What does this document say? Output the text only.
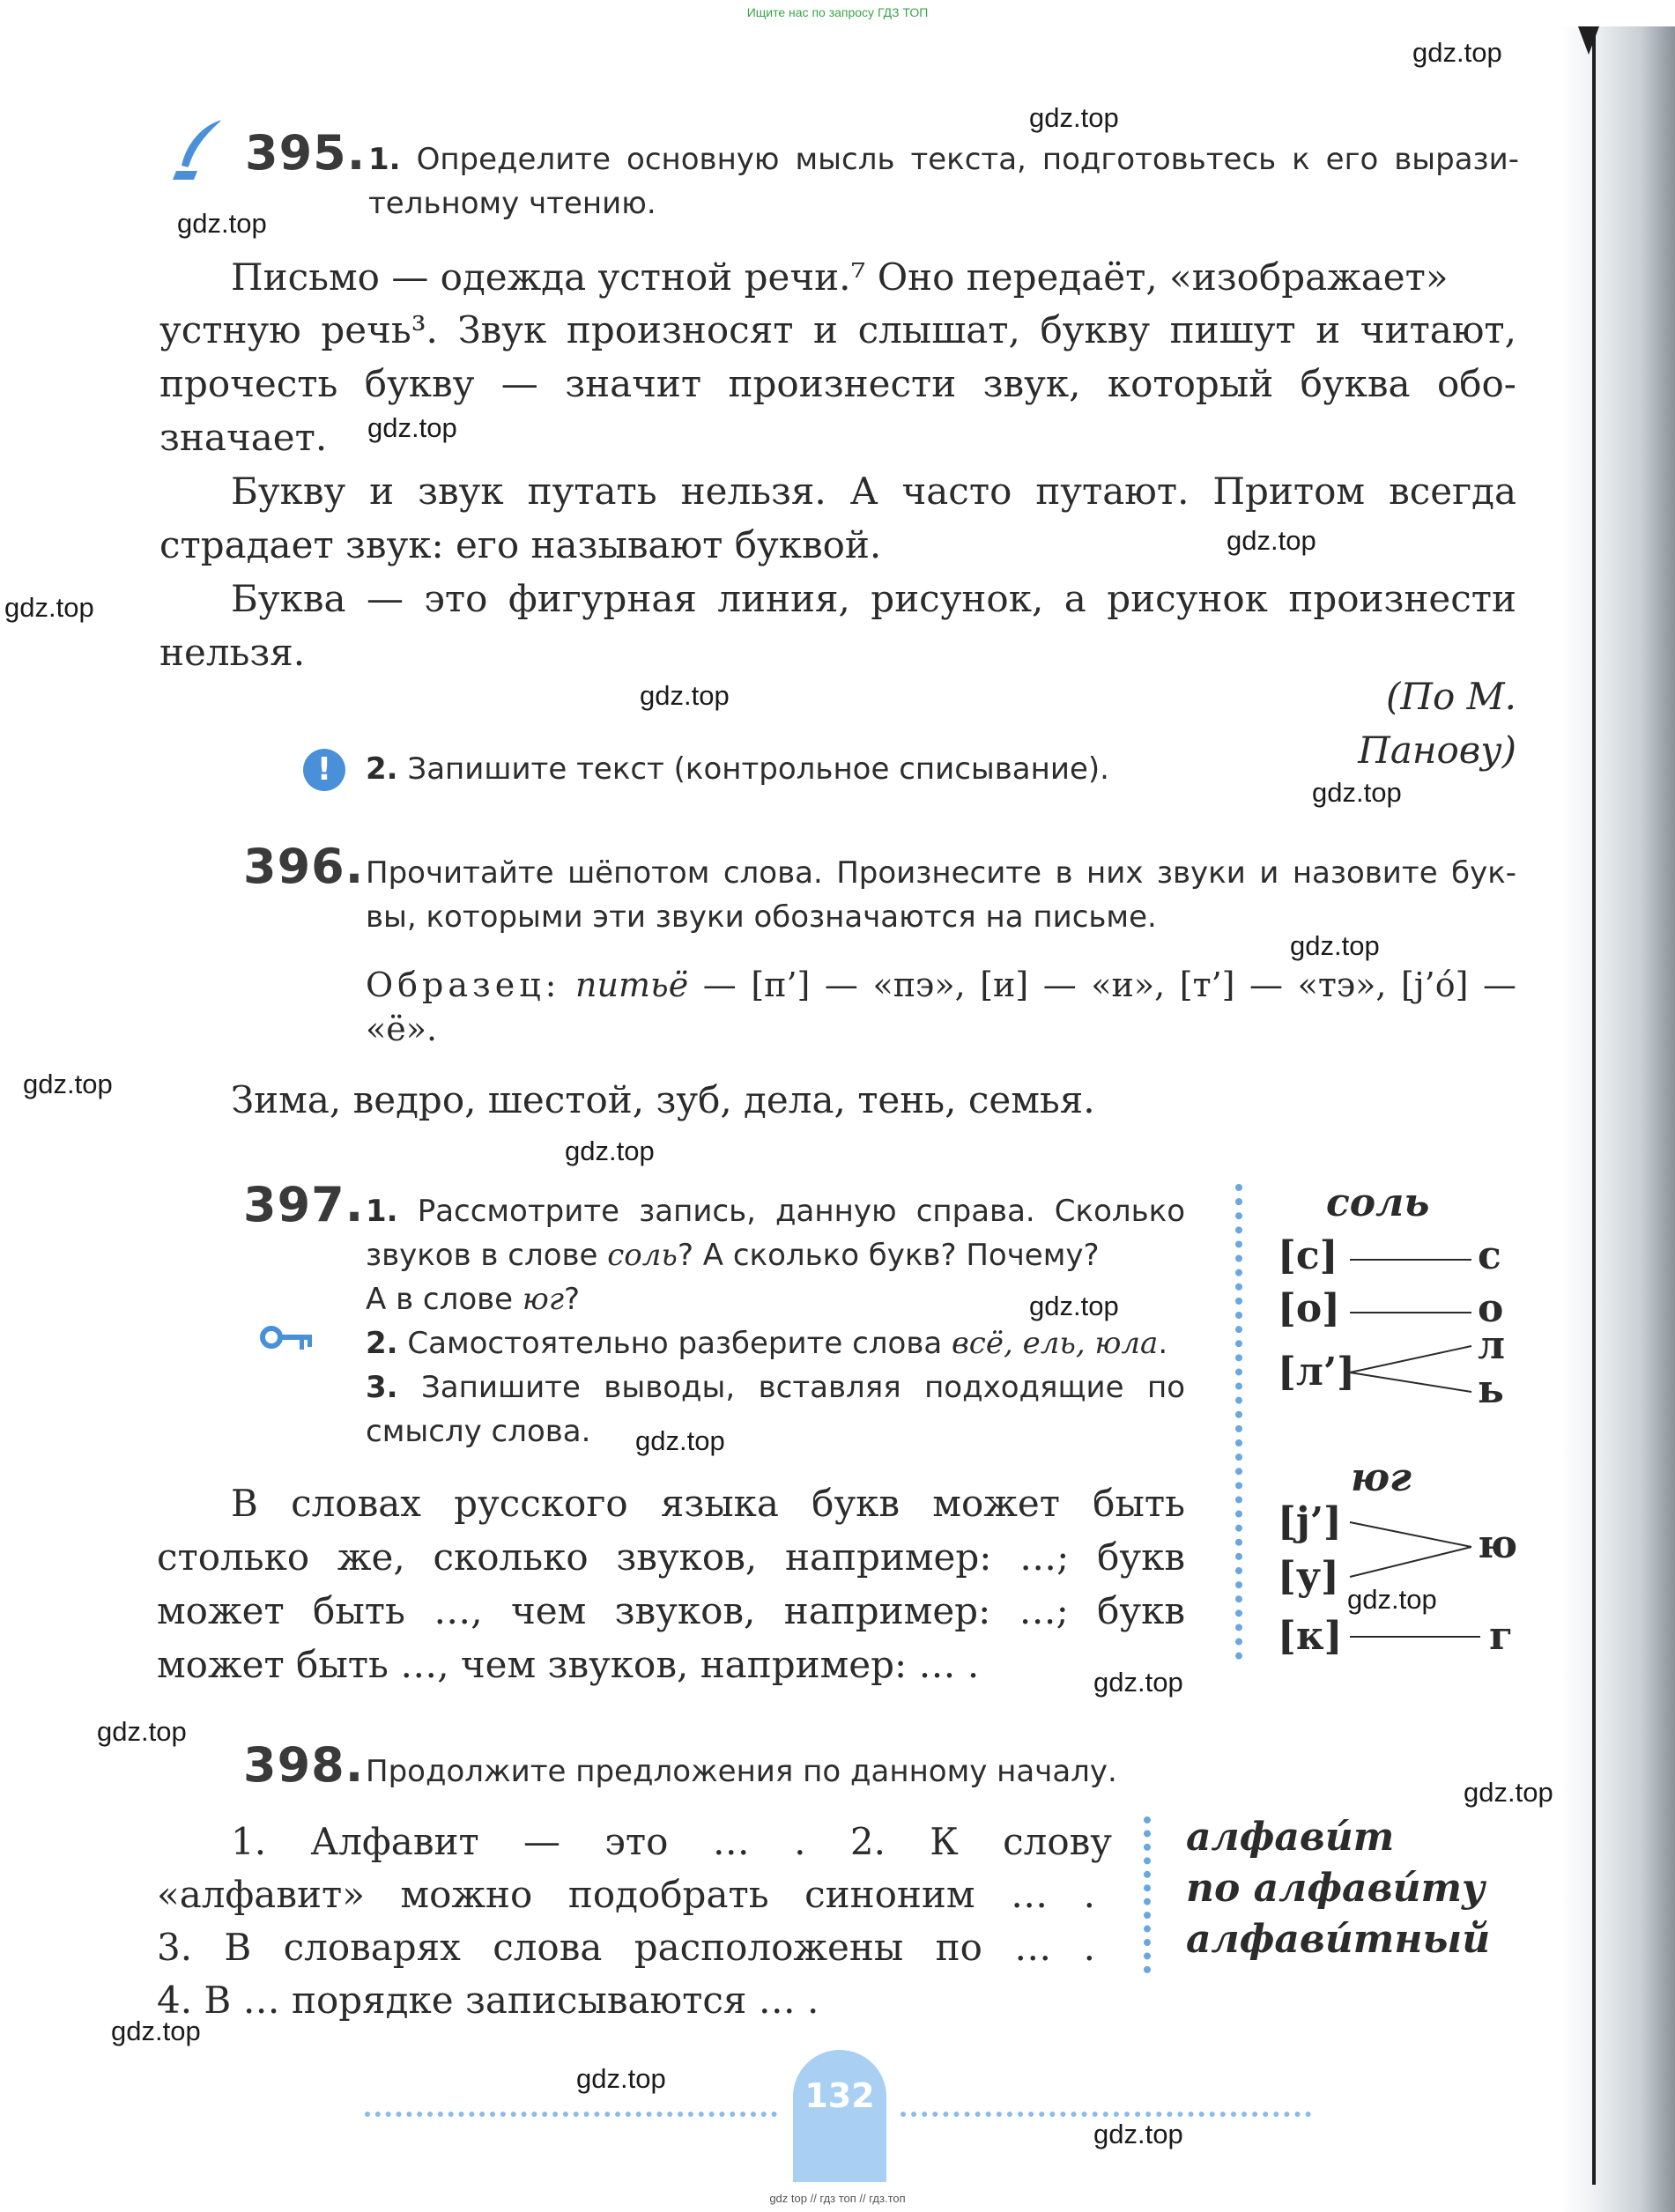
Ищите нас по запросу ГДЗ ТОП
gdz.top
gdz.top
gdz.top
gdz.top
gdz.top
gdz.top
gdz.top
gdz.top
gdz.top
gdz.top
gdz.top
gdz.top
gdz.top
gdz.top
gdz.top
gdz.top
gdz.top
gdz.top
gdz.top
gdz.top
395. 1. Определите основную мысль текста, подготовьтесь к его вырази-
тельному чтению.
Письмо — одежда устной речи.⁷ Оно передаёт, «изображает»
устную речь³. Звук произносят и слышат, букву пишут и читают,
прочесть букву — значит произнести звук, который буква обо-
значает.
Букву и звук путать нельзя. А часто путают. Притом всегда
страдает звук: его называют буквой.
Буква — это фигурная линия, рисунок, а рисунок произнести
нельзя.
(По М. Панову)
!	2. Запишите текст (контрольное списывание).
396. Прочитайте шёпотом слова. Произнесите в них звуки и назовите бук-
вы, которыми эти звуки обозначаются на письме.
Образец: питьё — [п’] — «пэ», [и] — «и», [т’] — «тэ», [j’ó] —
«ё».
Зима, ведро, шестой, зуб, дела, тень, семья.
397. 1. Рассмотрите запись, данную справа. Сколько
звуков в слове соль? А сколько букв? Почему?
А в слове юг?
2. Самостоятельно разберите слова всё, ель, юла.
3. Запишите выводы, вставляя подходящие по
смыслу слова.
В словах русского языка букв может быть
столько же, сколько звуков, например: …; букв
может быть …, чем звуков, например: …; букв
может быть …, чем звуков, например: … .
соль
[с]
[о]
[л’]
с
о
л
ь
юг
[j’]
[у]
[к]
ю
г
398. Продолжите предложения по данному началу.
1. Алфавит — это … . 2. К слову
«алфавит» можно подобрать синоним … .
3. В словарях слова расположены по … .
4. В … порядке записываются … .
алфави́т
по алфави́ту
алфави́тный
132
gdz top // гдз топ // гдз.топ
